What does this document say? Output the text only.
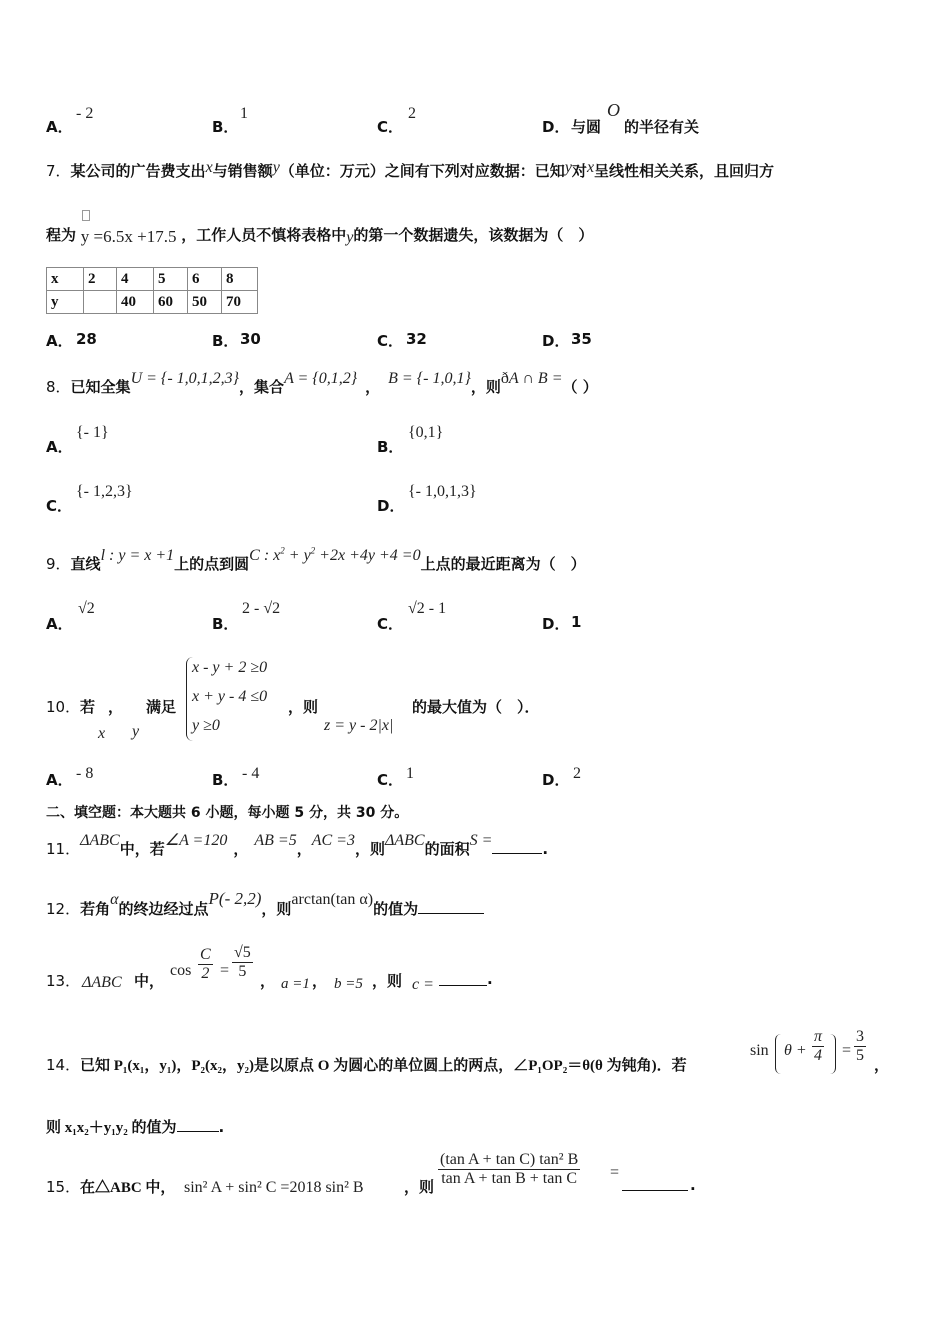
A．
- 2
B．
1
C．
2
D． 与圆
O
的半径有关
7．某公司的广告费支出x与销售额y（单位：万元）之间有下列对应数据：已知y对x呈线性相关关系，且回归方
程为 y =6.5x +17.5 ，工作人员不慎将表格中y的第一个数据遗失，该数据为（　）
x	2	4	5	6	8
y		40	60	50	70
A． 28	B． 30	C． 32	D． 35
8．已知全集U = {- 1,0,1,2,3}，集合A = {0,1,2} ， B = {- 1,0,1}，则ðA ∩ B =（ ）
A．
{- 1}
B．
{0,1}
C．
{- 1,2,3}
D．
{- 1,0,1,3}
9．直线l : y = x +1上的点到圆C : $x^2 + y^2 +2x +4y +4 =0$上点的最近距离为（　）
A．
√2
B．
2 - √2
C．
√2 - 1
D． 1
10． 若 ， 满足
x y
x - y + 2 ≥0
x + y - 4 ≤0
y ≥0
，则
z = y - 2|x|
的最大值为（　）．
A． - 8	B． - 4	C． 1	D． 2
二、填空题：本大题共 6 小题，每小题 5 分，共 30 分。
11．ΔABC中，若∠A =120 ， AB =5，AC =3，则ΔABC的面积S =	.
12．若角α的终边经过点P(- 2,2)，则arctan(tan α)的值为
13． ΔABC 中，
$\cos \frac{C}{2} = \frac{√5}{5}$ ， a =1 ， b =5 ，则 c =	.
14． 已知 P₁(x₁，y₁)，P₂(x₂，y₂)是以原点 O 为圆心的单位圆上的两点，∠P₁OP₂＝θ(θ 为钝角)．若
$\sin \theta + \frac{\pi}{4} = \frac{3}{5}$ ，
则 x₁x₂＋y₁y₂ 的值为	.
15． 在△ABC 中， sin² A + sin² C =2018 sin² B	，则 $\frac{\text{(tan A + tan C) tan² B}}{\text{tan A + tan B + tan C}}$ =
.
